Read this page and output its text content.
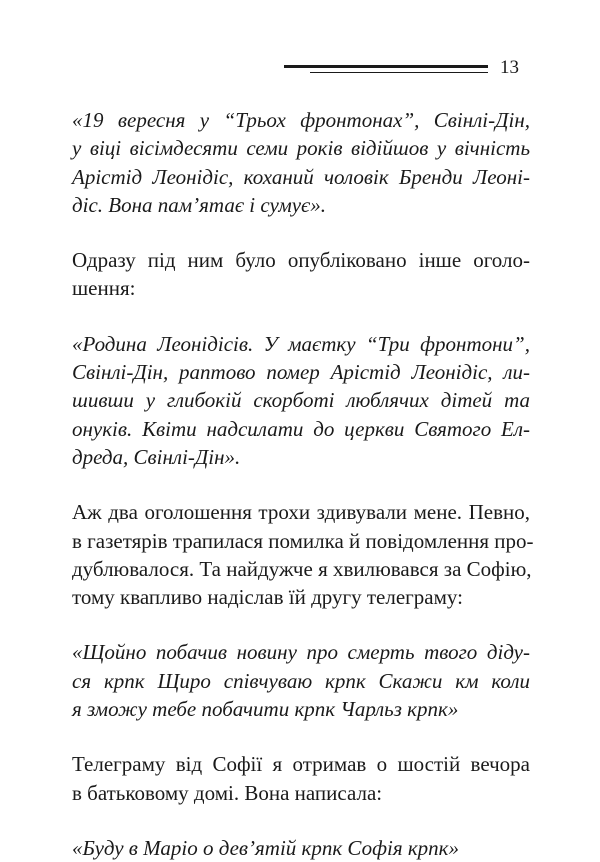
13

«19 вересня у “Трьох фронтонах”, Свінлі-Дін,
у віці вісімдесяти семи років відійшов у вічність
Арістід Леонідіс, коханий чоловік Бренди Леоні-
діс. Вона пам’ятає і сумує».

Одразу під ним було опубліковано інше оголо-
шення:

«Родина Леонідісів. У маєтку “Три фронтони”,
Свінлі-Дін, раптово помер Арістід Леонідіс, ли-
шивши у глибокій скорботі люблячих дітей та
онуків. Квіти надсилати до церкви Святого Ел-
дреда, Свінлі-Дін».

Аж два оголошення трохи здивували мене. Певно,
в газетярів трапилася помилка й повідомлення про-
дублювалося. Та найдужче я хвилювався за Софію,
тому квапливо надіслав їй другу телеграму:

«Щойно побачив новину про смерть твого діду-
ся крпк Щиро співчуваю крпк Скажи км коли
я зможу тебе побачити крпк Чарльз крпк»

Телеграму від Софії я отримав о шостій вечора
в батьковому домі. Вона написала:

«Буду в Маріо о дев’ятій крпк Софія крпк»
